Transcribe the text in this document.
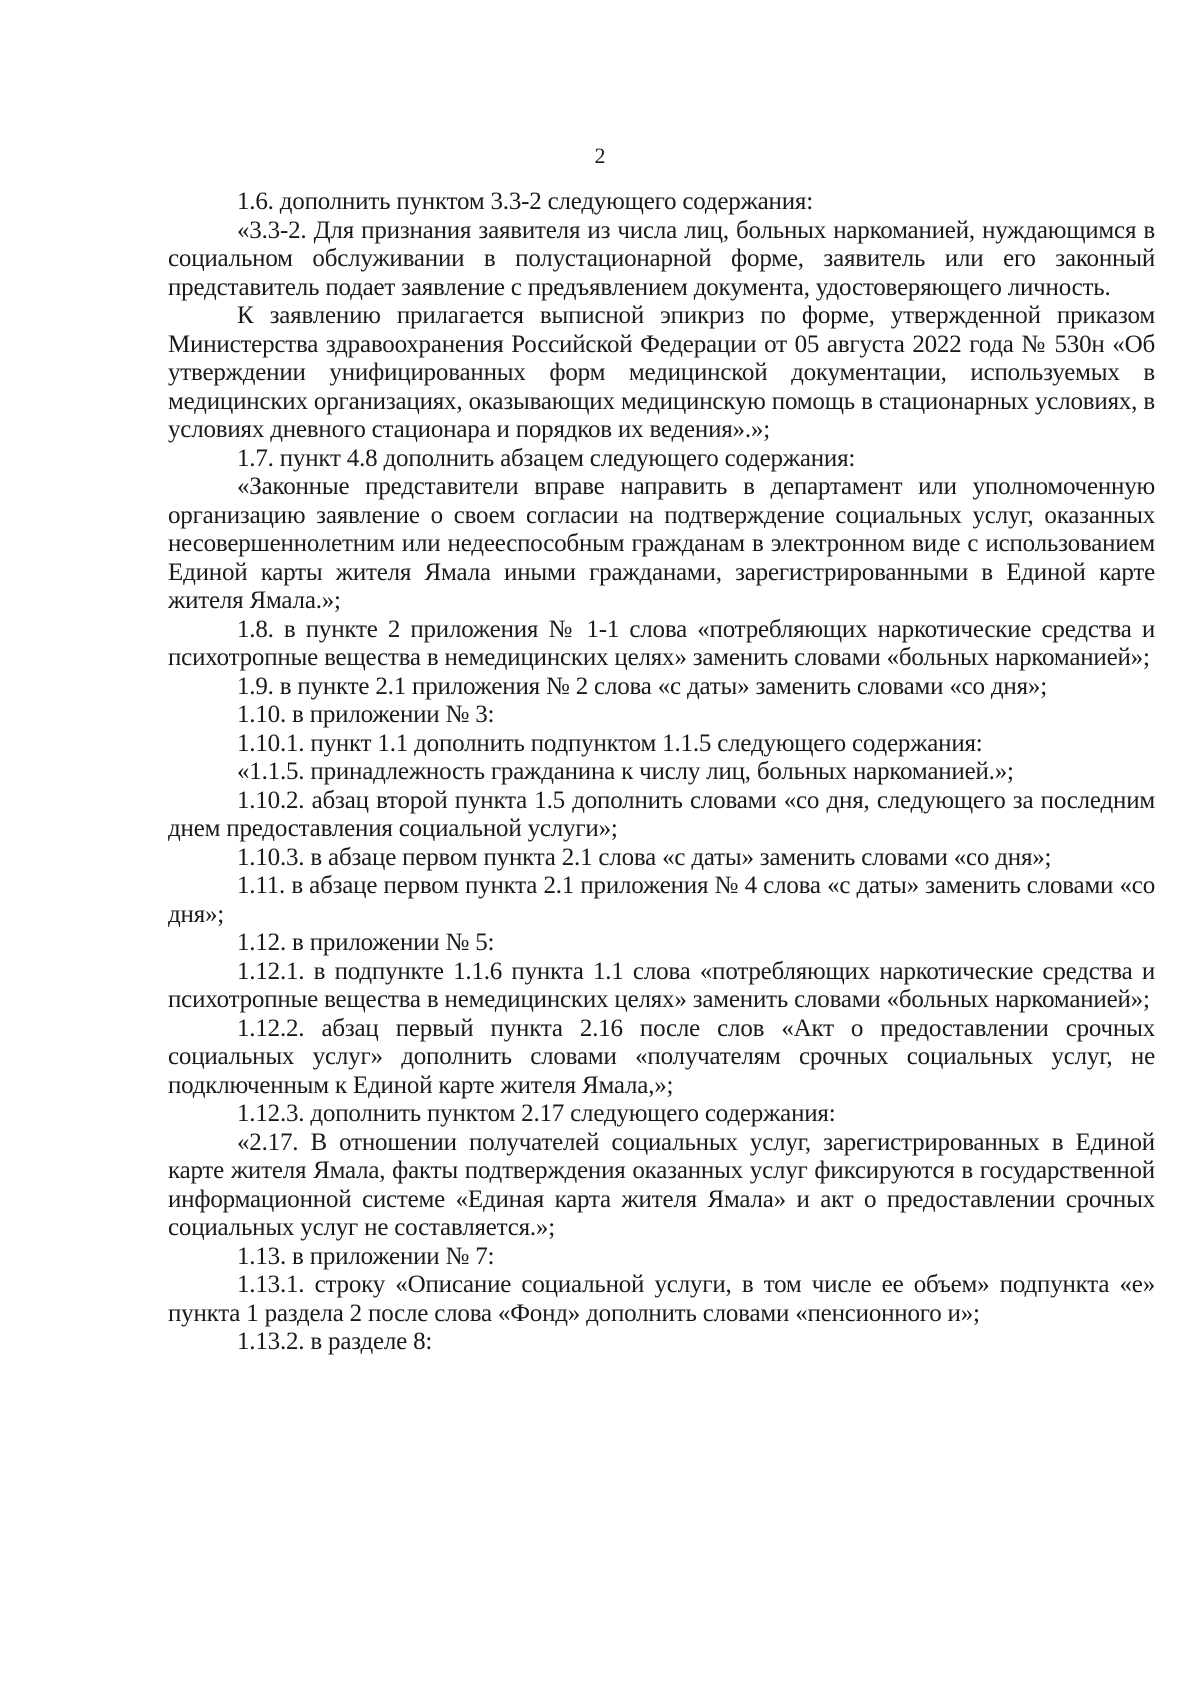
2

1.6. дополнить пунктом 3.3-2 следующего содержания:

«3.3-2. Для признания заявителя из числа лиц, больных наркоманией, нуждающимся в социальном обслуживании в полустационарной форме, заявитель или его законный представитель подает заявление с предъявлением документа, удостоверяющего личность.

К заявлению прилагается выписной эпикриз по форме, утвержденной приказом Министерства здравоохранения Российской Федерации от 05 августа 2022 года № 530н «Об утверждении унифицированных форм медицинской документации, используемых в медицинских организациях, оказывающих медицинскую помощь в стационарных условиях, в условиях дневного стационара и порядков их ведения».»;

1.7. пункт 4.8 дополнить абзацем следующего содержания:

«Законные представители вправе направить в департамент или уполномоченную организацию заявление о своем согласии на подтверждение социальных услуг, оказанных несовершеннолетним или недееспособным гражданам в электронном виде с использованием Единой карты жителя Ямала иными гражданами, зарегистрированными в Единой карте жителя Ямала.»;

1.8. в пункте 2 приложения № 1-1 слова «потребляющих наркотические средства и психотропные вещества в немедицинских целях» заменить словами «больных наркоманией»;

1.9. в пункте 2.1 приложения № 2 слова «с даты» заменить словами «со дня»;

1.10. в приложении № 3:

1.10.1. пункт 1.1 дополнить подпунктом 1.1.5 следующего содержания:

«1.1.5. принадлежность гражданина к числу лиц, больных наркоманией.»;

1.10.2. абзац второй пункта 1.5 дополнить словами «со дня, следующего за последним днем предоставления социальной услуги»;

1.10.3. в абзаце первом пункта 2.1 слова «с даты» заменить словами «со дня»;

1.11. в абзаце первом пункта 2.1 приложения № 4 слова «с даты» заменить словами «со дня»;

1.12. в приложении № 5:

1.12.1. в подпункте 1.1.6 пункта 1.1 слова «потребляющих наркотические средства и психотропные вещества в немедицинских целях» заменить словами «больных наркоманией»;

1.12.2. абзац первый пункта 2.16 после слов «Акт о предоставлении срочных социальных услуг» дополнить словами «получателям срочных социальных услуг, не подключенным к Единой карте жителя Ямала,»;

1.12.3. дополнить пунктом 2.17 следующего содержания:

«2.17. В отношении получателей социальных услуг, зарегистрированных в Единой карте жителя Ямала, факты подтверждения оказанных услуг фиксируются в государственной информационной системе «Единая карта жителя Ямала» и акт о предоставлении срочных социальных услуг не составляется.»;

1.13. в приложении № 7:

1.13.1. строку «Описание социальной услуги, в том числе ее объем» подпункта «е» пункта 1 раздела 2 после слова «Фонд» дополнить словами «пенсионного и»;

1.13.2. в разделе 8:
